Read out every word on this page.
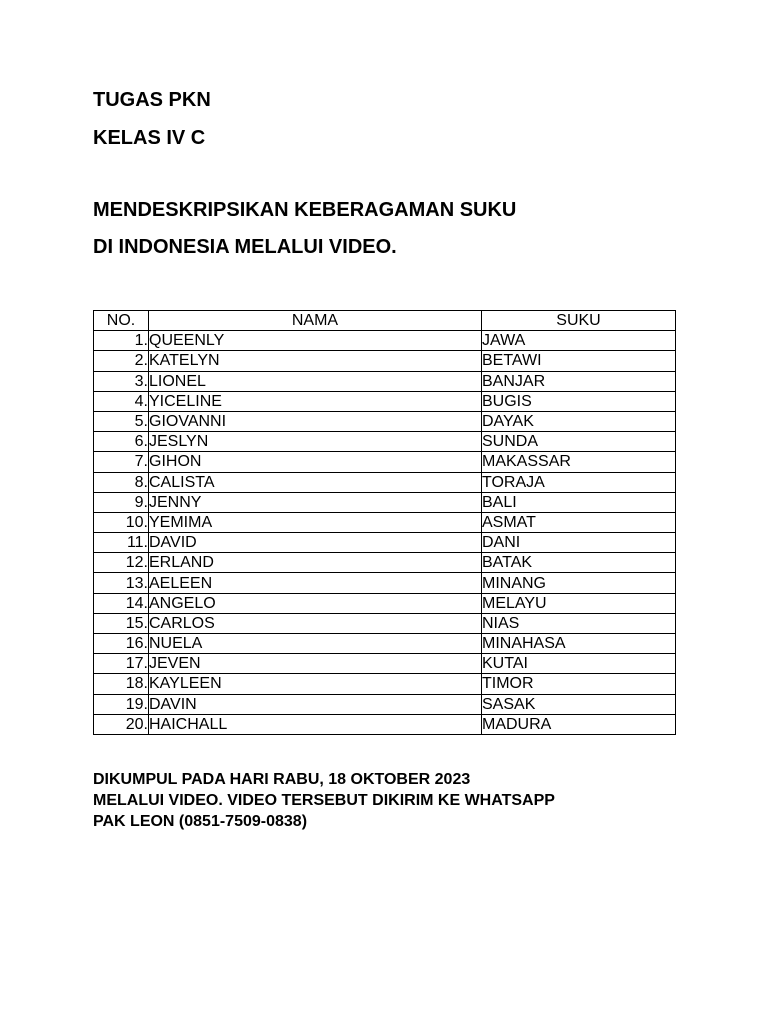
TUGAS PKN
KELAS IV C
MENDESKRIPSIKAN KEBERAGAMAN SUKU
DI INDONESIA MELALUI VIDEO.
NO.	NAMA	SUKU
1.	QUEENLY	JAWA
2.	KATELYN	BETAWI
3.	LIONEL	BANJAR
4.	YICELINE	BUGIS
5.	GIOVANNI	DAYAK
6.	JESLYN	SUNDA
7.	GIHON	MAKASSAR
8.	CALISTA	TORAJA
9.	JENNY	BALI
10.	YEMIMA	ASMAT
11.	DAVID	DANI
12.	ERLAND	BATAK
13.	AELEEN	MINANG
14.	ANGELO	MELAYU
15.	CARLOS	NIAS
16.	NUELA	MINAHASA
17.	JEVEN	KUTAI
18.	KAYLEEN	TIMOR
19.	DAVIN	SASAK
20.	HAICHALL	MADURA
DIKUMPUL PADA HARI RABU, 18 OKTOBER 2023
MELALUI VIDEO. VIDEO TERSEBUT DIKIRIM KE WHATSAPP
PAK LEON (0851-7509-0838)
